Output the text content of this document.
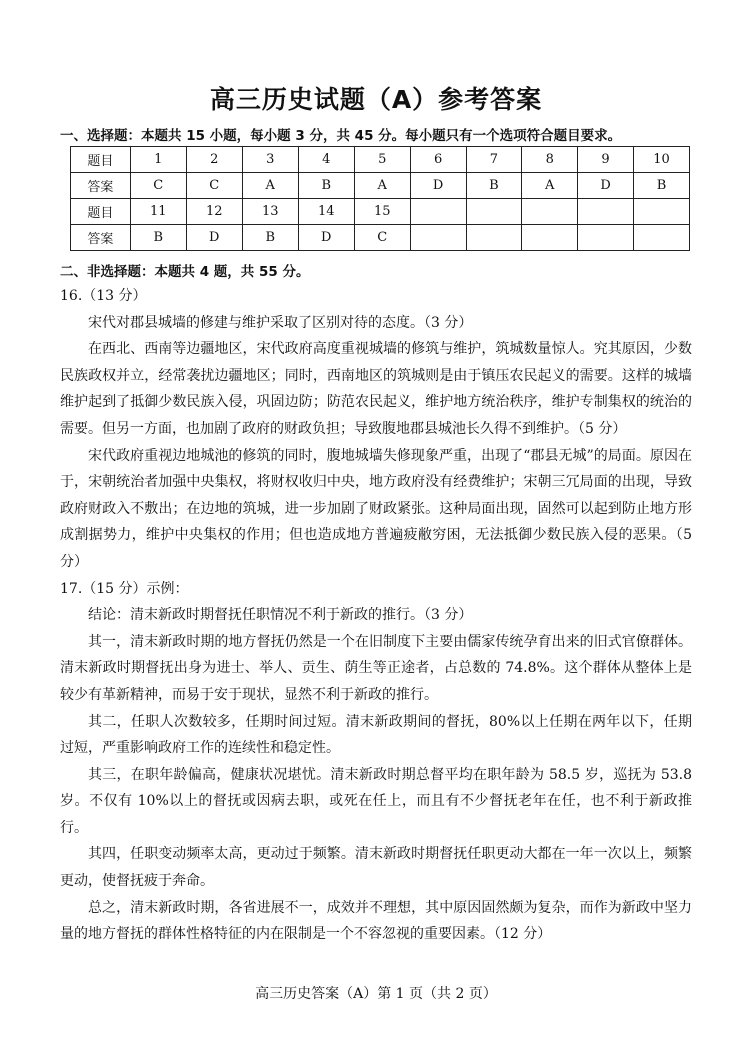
高三历史试题（A）参考答案
一、选择题：本题共 15 小题，每小题 3 分，共 45 分。每小题只有一个选项符合题目要求。
题目	1	2	3	4	5	6	7	8	9	10
答案	C	C	A	B	A	D	B	A	D	B
题目	11	12	13	14	15					
答案	B	D	B	D	C					
二、非选择题：本题共 4 题，共 55 分。

16.（13 分）

宋代对郡县城墙的修建与维护采取了区别对待的态度。（3 分）

在西北、西南等边疆地区，宋代政府高度重视城墙的修筑与维护，筑城数量惊人。究其原因，少数民族政权并立，经常袭扰边疆地区；同时，西南地区的筑城则是由于镇压农民起义的需要。这样的城墙维护起到了抵御少数民族入侵，巩固边防；防范农民起义，维护地方统治秩序，维护专制集权的统治的需要。但另一方面，也加剧了政府的财政负担；导致腹地郡县城池长久得不到维护。（5 分）

宋代政府重视边地城池的修筑的同时，腹地城墙失修现象严重，出现了“郡县无城”的局面。原因在于，宋朝统治者加强中央集权，将财权收归中央，地方政府没有经费维护；宋朝三冗局面的出现，导致政府财政入不敷出；在边地的筑城，进一步加剧了财政紧张。这种局面出现，固然可以起到防止地方形成割据势力，维护中央集权的作用；但也造成地方普遍疲敝穷困，无法抵御少数民族入侵的恶果。（5 分）

17.（15 分）示例：

结论：清末新政时期督抚任职情况不利于新政的推行。（3 分）

其一，清末新政时期的地方督抚仍然是一个在旧制度下主要由儒家传统孕育出来的旧式官僚群体。清末新政时期督抚出身为进士、举人、贡生、荫生等正途者，占总数的 74.8%。这个群体从整体上是较少有革新精神，而易于安于现状，显然不利于新政的推行。

其二，任职人次数较多，任期时间过短。清末新政期间的督抚，80%以上任期在两年以下，任期过短，严重影响政府工作的连续性和稳定性。

其三，在职年龄偏高，健康状况堪忧。清末新政时期总督平均在职年龄为 58.5 岁，巡抚为 53.8 岁。不仅有 10%以上的督抚或因病去职，或死在任上，而且有不少督抚老年在任，也不利于新政推行。

其四，任职变动频率太高，更动过于频繁。清末新政时期督抚任职更动大都在一年一次以上，频繁更动，使督抚疲于奔命。

总之，清末新政时期，各省进展不一，成效并不理想，其中原因固然颇为复杂，而作为新政中坚力量的地方督抚的群体性格特征的内在限制是一个不容忽视的重要因素。（12 分）

高三历史答案（A）第 1 页（共 2 页）
